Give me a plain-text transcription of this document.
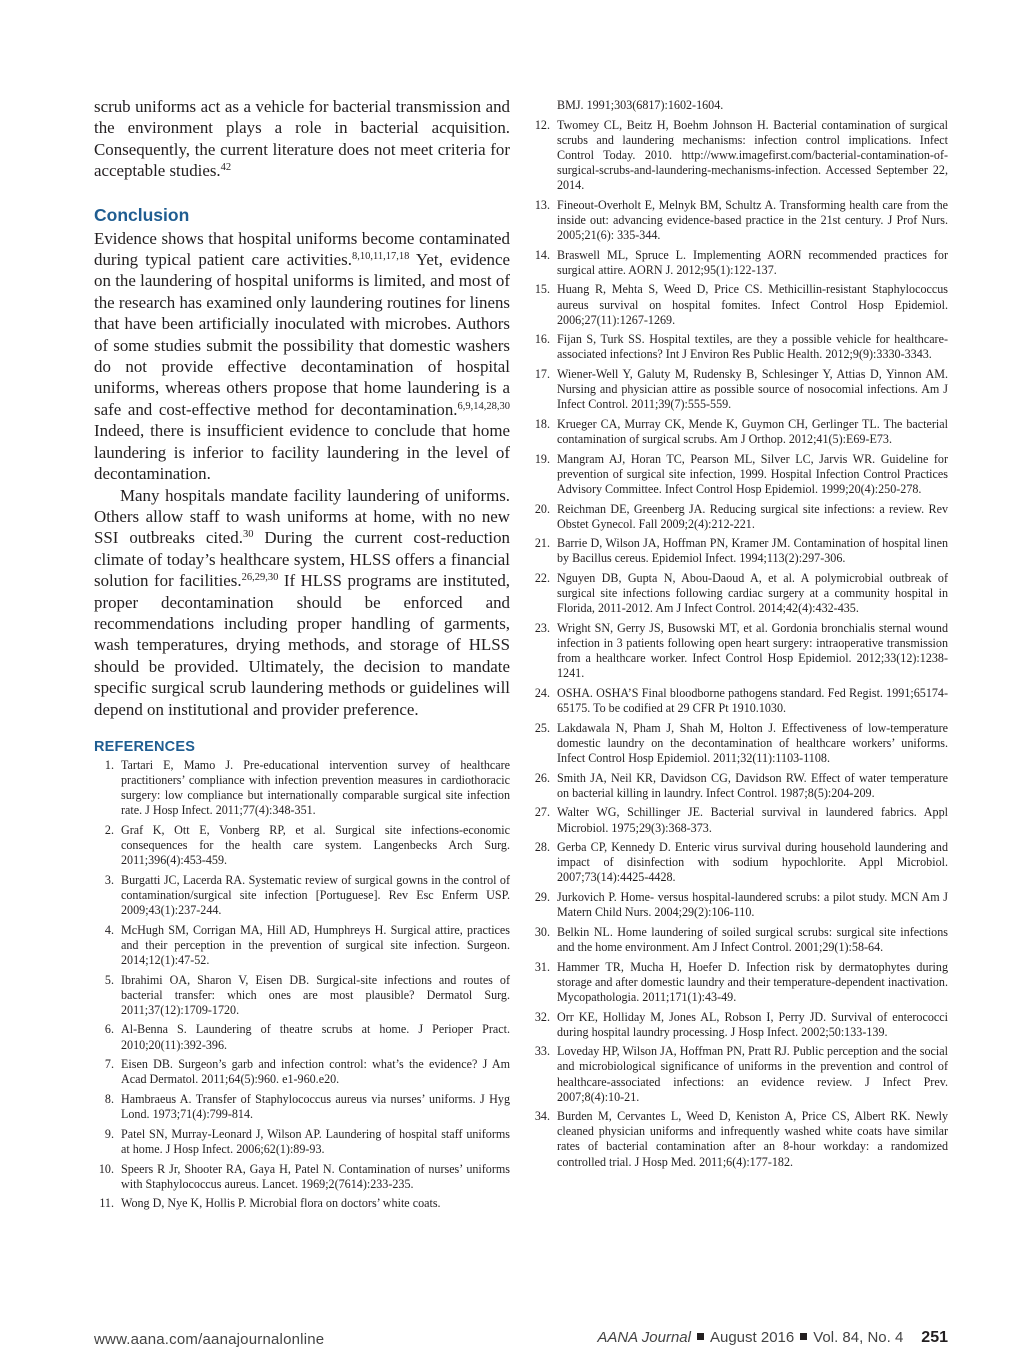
scrub uniforms act as a vehicle for bacterial transmission and the environment plays a role in bacterial acquisition. Consequently, the current literature does not meet criteria for acceptable studies.$^{42}$

Conclusion

Evidence shows that hospital uniforms become contaminated during typical patient care activities.$^{8,10,11,17,18}$ Yet, evidence on the laundering of hospital uniforms is limited, and most of the research has examined only laundering routines for linens that have been artificially inoculated with microbes. Authors of some studies submit the possibility that domestic washers do not provide effective decontamination of hospital uniforms, whereas others propose that home laundering is a safe and cost-effective method for decontamination.$^{6,9,14,28,30}$ Indeed, there is insufficient evidence to conclude that home laundering is inferior to facility laundering in the level of decontamination.

Many hospitals mandate facility laundering of uniforms. Others allow staff to wash uniforms at home, with no new SSI outbreaks cited.$^{30}$ During the current cost-reduction climate of today’s healthcare system, HLSS offers a financial solution for facilities.$^{26,29,30}$ If HLSS programs are instituted, proper decontamination should be enforced and recommendations including proper handling of garments, wash temperatures, drying methods, and storage of HLSS should be provided. Ultimately, the decision to mandate specific surgical scrub laundering methods or guidelines will depend on institutional and provider preference.

REFERENCES
1. Tartari E, Mamo J. Pre-educational intervention survey of healthcare practitioners’ compliance with infection prevention measures in cardiothoracic surgery: low compliance but internationally comparable surgical site infection rate. J Hosp Infect. 2011;77(4):348-351.
2. Graf K, Ott E, Vonberg RP, et al. Surgical site infections-economic consequences for the health care system. Langenbecks Arch Surg. 2011;396(4):453-459.
3. Burgatti JC, Lacerda RA. Systematic review of surgical gowns in the control of contamination/surgical site infection [Portuguese]. Rev Esc Enferm USP. 2009;43(1):237-244.
4. McHugh SM, Corrigan MA, Hill AD, Humphreys H. Surgical attire, practices and their perception in the prevention of surgical site infection. Surgeon. 2014;12(1):47-52.
5. Ibrahimi OA, Sharon V, Eisen DB. Surgical-site infections and routes of bacterial transfer: which ones are most plausible? Dermatol Surg. 2011;37(12):1709-1720.
6. Al-Benna S. Laundering of theatre scrubs at home. J Perioper Pract. 2010;20(11):392-396.
7. Eisen DB. Surgeon’s garb and infection control: what’s the evidence? J Am Acad Dermatol. 2011;64(5):960. e1-960.e20.
8. Hambraeus A. Transfer of Staphylococcus aureus via nurses’ uniforms. J Hyg Lond. 1973;71(4):799-814.
9. Patel SN, Murray-Leonard J, Wilson AP. Laundering of hospital staff uniforms at home. J Hosp Infect. 2006;62(1):89-93.
10. Speers R Jr, Shooter RA, Gaya H, Patel N. Contamination of nurses’ uniforms with Staphylococcus aureus. Lancet. 1969;2(7614):233-235.
11. Wong D, Nye K, Hollis P. Microbial flora on doctors’ white coats.
BMJ. 1991;303(6817):1602-1604.
12. Twomey CL, Beitz H, Boehm Johnson H. Bacterial contamination of surgical scrubs and laundering mechanisms: infection control implications. Infect Control Today. 2010. http://www.imagefirst.com/bacterial-contamination-of-surgical-scrubs-and-laundering-mechanisms-infection. Accessed September 22, 2014.
13. Fineout-Overholt E, Melnyk BM, Schultz A. Transforming health care from the inside out: advancing evidence-based practice in the 21st century. J Prof Nurs. 2005;21(6): 335-344.
14. Braswell ML, Spruce L. Implementing AORN recommended practices for surgical attire. AORN J. 2012;95(1):122-137.
15. Huang R, Mehta S, Weed D, Price CS. Methicillin-resistant Staphylococcus aureus survival on hospital fomites. Infect Control Hosp Epidemiol. 2006;27(11):1267-1269.
16. Fijan S, Turk SS. Hospital textiles, are they a possible vehicle for healthcare-associated infections? Int J Environ Res Public Health. 2012;9(9):3330-3343.
17. Wiener-Well Y, Galuty M, Rudensky B, Schlesinger Y, Attias D, Yinnon AM. Nursing and physician attire as possible source of nosocomial infections. Am J Infect Control. 2011;39(7):555-559.
18. Krueger CA, Murray CK, Mende K, Guymon CH, Gerlinger TL. The bacterial contamination of surgical scrubs. Am J Orthop. 2012;41(5):E69-E73.
19. Mangram AJ, Horan TC, Pearson ML, Silver LC, Jarvis WR. Guideline for prevention of surgical site infection, 1999. Hospital Infection Control Practices Advisory Committee. Infect Control Hosp Epidemiol. 1999;20(4):250-278.
20. Reichman DE, Greenberg JA. Reducing surgical site infections: a review. Rev Obstet Gynecol. Fall 2009;2(4):212-221.
21. Barrie D, Wilson JA, Hoffman PN, Kramer JM. Contamination of hospital linen by Bacillus cereus. Epidemiol Infect. 1994;113(2):297-306.
22. Nguyen DB, Gupta N, Abou-Daoud A, et al. A polymicrobial outbreak of surgical site infections following cardiac surgery at a community hospital in Florida, 2011-2012. Am J Infect Control. 2014;42(4):432-435.
23. Wright SN, Gerry JS, Busowski MT, et al. Gordonia bronchialis sternal wound infection in 3 patients following open heart surgery: intraoperative transmission from a healthcare worker. Infect Control Hosp Epidemiol. 2012;33(12):1238-1241.
24. OSHA. OSHA’S Final bloodborne pathogens standard. Fed Regist. 1991;65174-65175. To be codified at 29 CFR Pt 1910.1030.
25. Lakdawala N, Pham J, Shah M, Holton J. Effectiveness of low-temperature domestic laundry on the decontamination of healthcare workers’ uniforms. Infect Control Hosp Epidemiol. 2011;32(11):1103-1108.
26. Smith JA, Neil KR, Davidson CG, Davidson RW. Effect of water temperature on bacterial killing in laundry. Infect Control. 1987;8(5):204-209.
27. Walter WG, Schillinger JE. Bacterial survival in laundered fabrics. Appl Microbiol. 1975;29(3):368-373.
28. Gerba CP, Kennedy D. Enteric virus survival during household laundering and impact of disinfection with sodium hypochlorite. Appl Microbiol. 2007;73(14):4425-4428.
29. Jurkovich P. Home- versus hospital-laundered scrubs: a pilot study. MCN Am J Matern Child Nurs. 2004;29(2):106-110.
30. Belkin NL. Home laundering of soiled surgical scrubs: surgical site infections and the home environment. Am J Infect Control. 2001;29(1):58-64.
31. Hammer TR, Mucha H, Hoefer D. Infection risk by dermatophytes during storage and after domestic laundry and their temperature-dependent inactivation. Mycopathologia. 2011;171(1):43-49.
32. Orr KE, Holliday M, Jones AL, Robson I, Perry JD. Survival of enterococci during hospital laundry processing. J Hosp Infect. 2002;50:133-139.
33. Loveday HP, Wilson JA, Hoffman PN, Pratt RJ. Public perception and the social and microbiological significance of uniforms in the prevention and control of healthcare-associated infections: an evidence review. J Infect Prev. 2007;8(4):10-21.
34. Burden M, Cervantes L, Weed D, Keniston A, Price CS, Albert RK. Newly cleaned physician uniforms and infrequently washed white coats have similar rates of bacterial contamination after an 8-hour workday: a randomized controlled trial. J Hosp Med. 2011;6(4):177-182.
www.aana.com/aanajournalonline	AANA Journal August 2016 Vol. 84, No. 4 251
